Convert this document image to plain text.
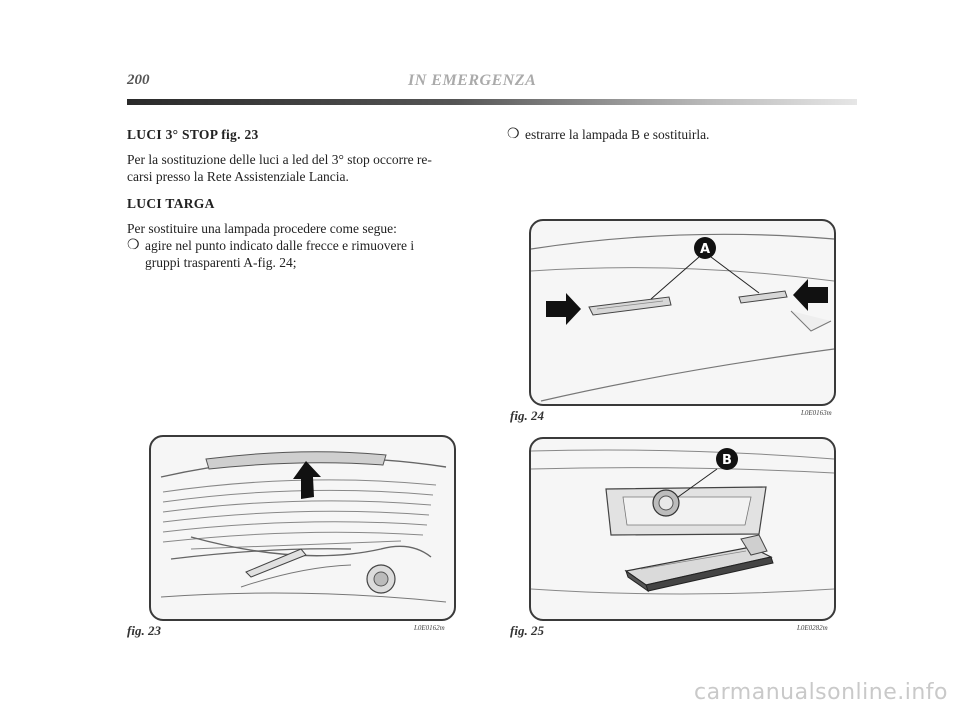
200	IN EMERGENZA
LUCI 3° STOP fig. 23
Per la sostituzione delle luci a led del 3° stop occorre re-
carsi presso la Rete Assistenziale Lancia.
LUCI TARGA
Per sostituire una lampada procedere come segue:
❍ agire nel punto indicato dalle frecce e rimuovere i
gruppi trasparenti A-fig. 24;
❍ estrarre la lampada B e sostituirla.
fig. 23	L0E0162m
A
fig. 24	L0E0163m
B
fig. 25	L0E0282m
carmanualsonline.info
